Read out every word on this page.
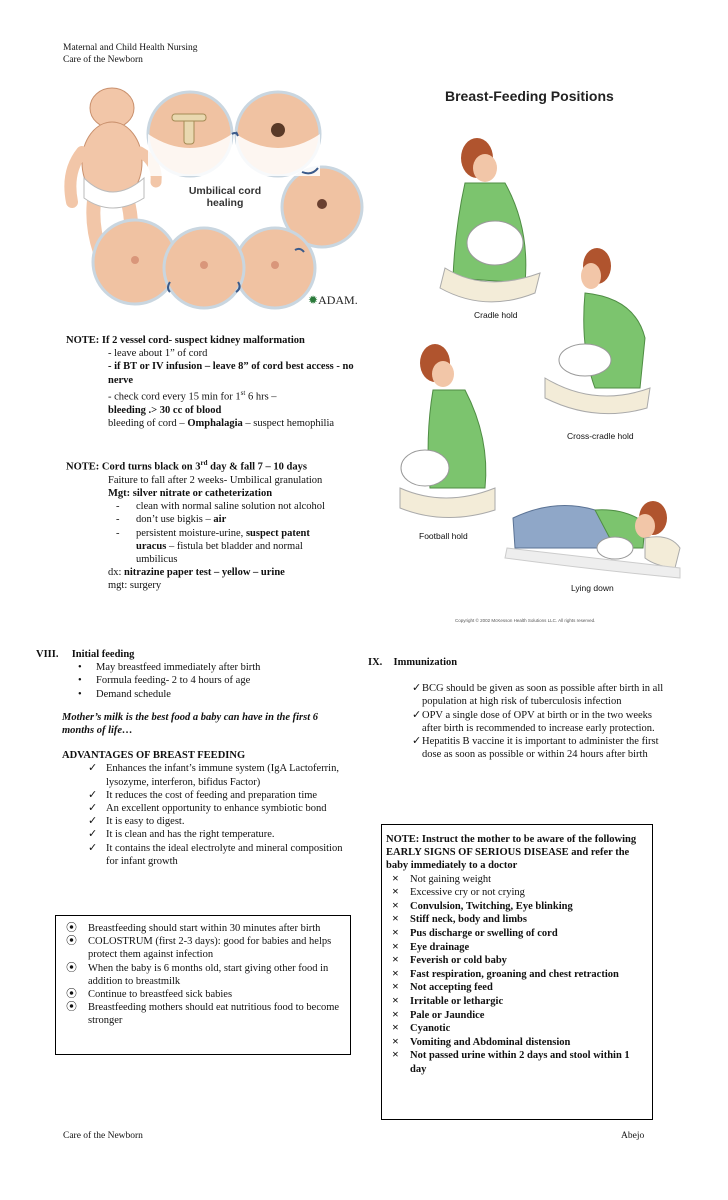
Maternal and Child Health Nursing
Care of the Newborn
Umbilical cord
healing
✹ADAM.
Breast-Feeding Positions
Cradle hold
Cross-cradle hold
Football hold
Lying down
Copyright © 2002 McKesson Health Solutions LLC. All rights reserved.
NOTE: If 2 vessel cord- suspect kidney malformation
- leave about 1” of cord
- if BT or IV infusion – leave 8” of cord best access - no nerve
- check cord every 15 min for 1st 6 hrs –
bleeding .> 30 cc of blood
bleeding of cord – Omphalagia – suspect hemophilia
NOTE: Cord turns black on 3rd day & fall 7 – 10 days
Faiture to fall after 2 weeks- Umbilical granulation
Mgt: silver nitrate or catheterization
- clean with normal saline solution not alcohol
- don’t use bigkis – air
- persistent moisture-urine, suspect patent uracus – fistula bet bladder and normal umbilicus
dx: nitrazine paper test – yellow – urine
mgt: surgery
VIII. Initial feeding
• May breastfeed immediately after birth
• Formula feeding- 2 to 4 hours of age
• Demand schedule
Mother’s milk is the best food a baby can have in the first 6 months of life…
ADVANTAGES OF BREAST FEEDING
✓ Enhances the infant’s immune system (IgA Lactoferrin, lysozyme, interferon, bifidus Factor)
✓ It reduces the cost of feeding and preparation time
✓ An excellent opportunity to enhance symbiotic bond
✓ It is easy to digest.
✓ It is clean and has the right temperature.
✓ It contains the ideal electrolyte and mineral composition for infant growth
⦿ Breastfeeding should start within 30 minutes after birth
⦿ COLOSTRUM (first 2-3 days): good for babies and helps protect them against infection
⦿ When the baby is 6 months old, start giving other food in addition to breastmilk
⦿ Continue to breastfeed sick babies
⦿ Breastfeeding mothers should eat nutritious food to become stronger
IX. Immunization
✓ BCG should be given as soon as possible after birth in all population at high risk of tuberculosis infection
✓ OPV a single dose of OPV at birth or in the two weeks after birth is recommended to increase early protection.
✓ Hepatitis B vaccine it is important to administer the first dose as soon as possible or within 24 hours after birth
NOTE: Instruct the mother to be aware of the following EARLY SIGNS OF SERIOUS DISEASE and refer the baby immediately to a doctor
× Not gaining weight
× Excessive cry or not crying
× Convulsion, Twitching, Eye blinking
× Stiff neck, body and limbs
× Pus discharge or swelling of cord
× Eye drainage
× Feverish or cold baby
× Fast respiration, groaning and chest retraction
× Not accepting feed
× Irritable or lethargic
× Pale or Jaundice
× Cyanotic
× Vomiting and Abdominal distension
× Not passed urine within 2 days and stool within 1 day
Care of the Newborn	Abejo
